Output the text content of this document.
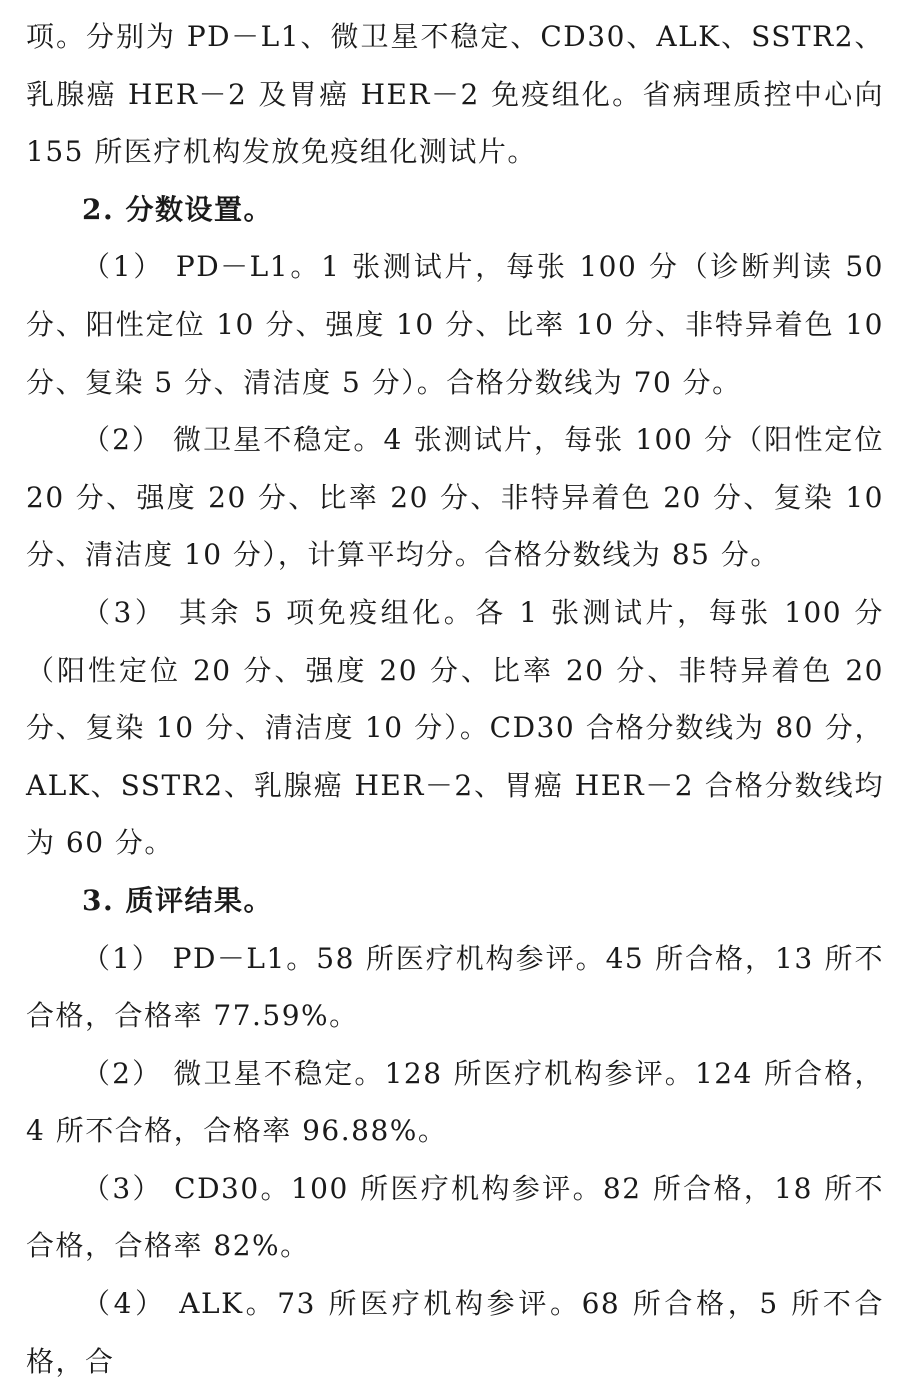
项。分别为 PD－L1、微卫星不稳定、CD30、ALK、SSTR2、乳腺癌 HER－2 及胃癌 HER－2 免疫组化。省病理质控中心向 155 所医疗机构发放免疫组化测试片。

2. 分数设置。

（1） PD－L1。1 张测试片，每张 100 分（诊断判读 50 分、阳性定位 10 分、强度 10 分、比率 10 分、非特异着色 10 分、复染 5 分、清洁度 5 分）。合格分数线为 70 分。

（2） 微卫星不稳定。4 张测试片，每张 100 分（阳性定位 20 分、强度 20 分、比率 20 分、非特异着色 20 分、复染 10 分、清洁度 10 分），计算平均分。合格分数线为 85 分。

（3） 其余 5 项免疫组化。各 1 张测试片，每张 100 分（阳性定位 20 分、强度 20 分、比率 20 分、非特异着色 20 分、复染 10 分、清洁度 10 分）。CD30 合格分数线为 80 分，ALK、SSTR2、乳腺癌 HER－2、胃癌 HER－2 合格分数线均为 60 分。

3. 质评结果。

（1） PD－L1。58 所医疗机构参评。45 所合格，13 所不合格，合格率 77.59%。

（2） 微卫星不稳定。128 所医疗机构参评。124 所合格，4 所不合格，合格率 96.88%。

（3） CD30。100 所医疗机构参评。82 所合格，18 所不合格，合格率 82%。

（4） ALK。73 所医疗机构参评。68 所合格，5 所不合格，合
